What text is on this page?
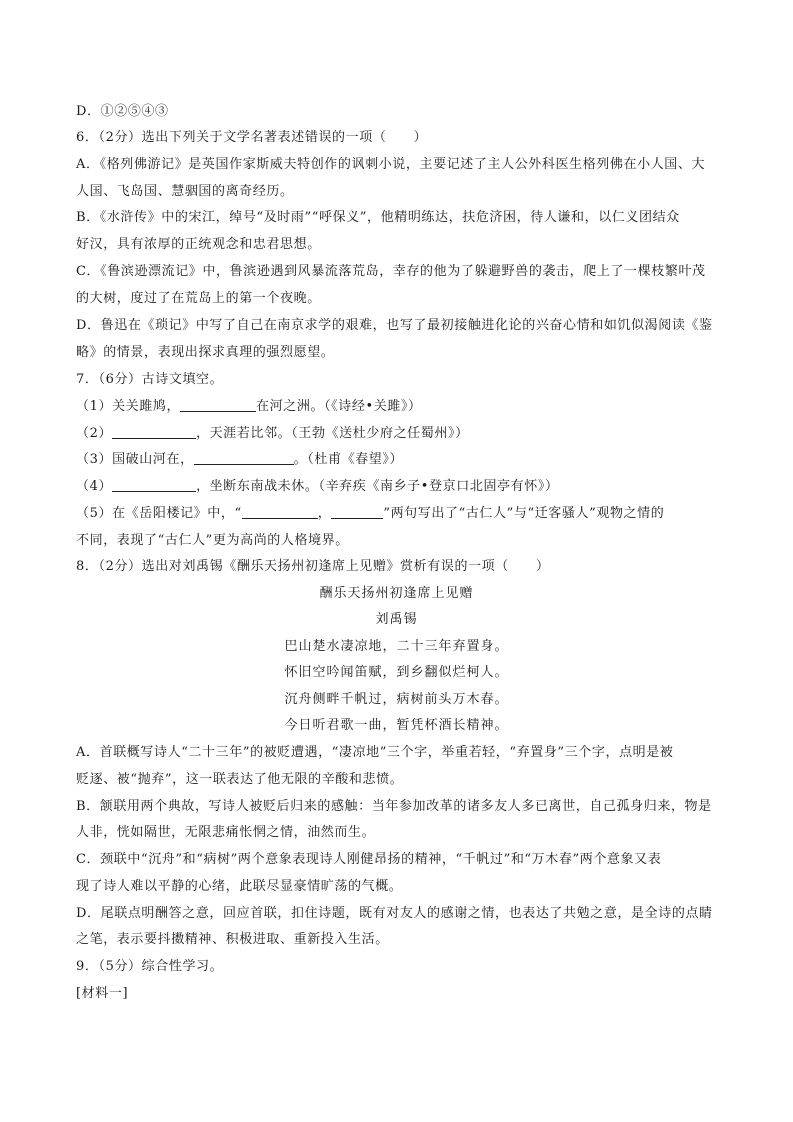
D．①②⑤④③
6．（2分）选出下列关于文学名著表述错误的一项（　　）
A．《格列佛游记》是英国作家斯威夫特创作的讽刺小说，主要记述了主人公外科医生格列佛在小人国、大
人国、飞岛国、慧骃国的离奇经历。
B．《水浒传》中的宋江，绰号“及时雨”“呼保义”，他精明练达，扶危济困，待人谦和，以仁义团结众
好汉，具有浓厚的正统观念和忠君思想。
C．《鲁滨逊漂流记》中，鲁滨逊遇到风暴流落荒岛，幸存的他为了躲避野兽的袭击，爬上了一棵枝繁叶茂
的大树，度过了在荒岛上的第一个夜晚。
D．鲁迅在《琐记》中写了自己在南京求学的艰难，也写了最初接触进化论的兴奋心情和如饥似渴阅读《鉴
略》的情景，表现出探求真理的强烈愿望。
7．（6分）古诗文填空。
（1）关关雎鸠，	在河之洲。（《诗经•关雎》）
（2）	，天涯若比邻。（王勃《送杜少府之任蜀州》）
（3）国破山河在，	。（杜甫《春望》）
（4）	，坐断东南战未休。（辛弃疾《南乡子•登京口北固亭有怀》）
（5）在《岳阳楼记》中，“	，	”两句写出了“古仁人”与“迁客骚人”观物之情的
不同，表现了“古仁人”更为高尚的人格境界。
8．（2分）选出对刘禹锡《酬乐天扬州初逢席上见赠》赏析有误的一项（　　）
酬乐天扬州初逢席上见赠
刘禹锡
巴山楚水凄凉地，二十三年弃置身。
怀旧空吟闻笛赋，到乡翻似烂柯人。
沉舟侧畔千帆过，病树前头万木春。
今日听君歌一曲，暂凭杯酒长精神。
A．首联概写诗人“二十三年”的被贬遭遇，“凄凉地”三个字，举重若轻，“弃置身”三个字，点明是被
贬逐、被“抛弃”，这一联表达了他无限的辛酸和悲愤。
B．颔联用两个典故，写诗人被贬后归来的感触：当年参加改革的诸多友人多已离世，自己孤身归来，物是
人非，恍如隔世，无限悲痛怅惘之情，油然而生。
C．颈联中“沉舟”和“病树”两个意象表现诗人刚健昂扬的精神，“千帆过”和“万木春”两个意象又表
现了诗人难以平静的心绪，此联尽显豪情旷荡的气概。
D．尾联点明酬答之意，回应首联，扣住诗题，既有对友人的感谢之情，也表达了共勉之意，是全诗的点睛
之笔，表示要抖擞精神、积极进取、重新投入生活。
9．（5分）综合性学习。
[材料一]
